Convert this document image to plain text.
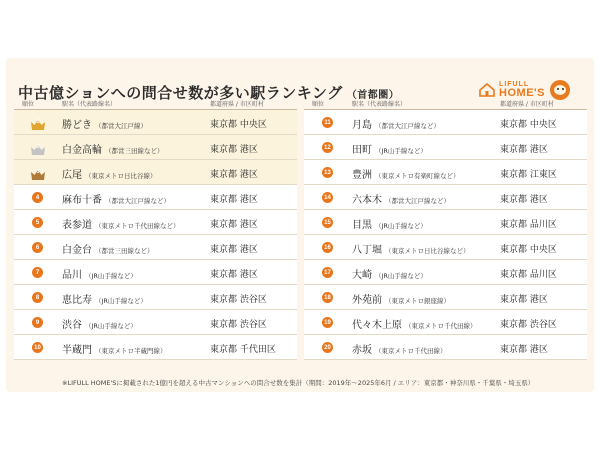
中古億ションへの問合せ数が多い駅ランキング （首都圏）
LIFULL
HOME'S
順位	駅名（代表路線名）	都道府県 / 市区町村
1	勝どき （都営大江戸線）	東京都 中央区
2	白金高輪 （都営三田線など）	東京都 港区
3	広尾 （東京メトロ日比谷線）	東京都 港区
4	麻布十番 （都営大江戸線など）	東京都 港区
5	表参道 （東京メトロ千代田線など）	東京都 港区
6	白金台 （都営三田線など）	東京都 港区
7	品川 （JR山手線など）	東京都 港区
8	恵比寿 （JR山手線など）	東京都 渋谷区
9	渋谷 （JR山手線など）	東京都 渋谷区
10 半蔵門 （東京メトロ半蔵門線）	東京都 千代田区
順位	駅名（代表路線名）	都道府県 / 市区町村
11 月島 （都営大江戸線など）	東京都 中央区
12 田町 （JR山手線など）	東京都 港区
13 豊洲 （東京メトロ有楽町線など）	東京都 江東区
14 六本木 （都営大江戸線など）	東京都 港区
15 目黒 （JR山手線など）	東京都 品川区
16 八丁堀 （東京メトロ日比谷線など）	東京都 中央区
17 大崎 （JR山手線など）	東京都 品川区
18 外苑前 （東京メトロ銀座線）	東京都 港区
19 代々木上原 （東京メトロ千代田線）	東京都 渋谷区
20 赤坂 （東京メトロ千代田線）	東京都 港区
※LIFULL HOME'Sに掲載された1億円を超える中古マンションへの問合せ数を集計（期間：2019年～2025年6月 / エリア：東京都・神奈川県・千葉県・埼玉県）
